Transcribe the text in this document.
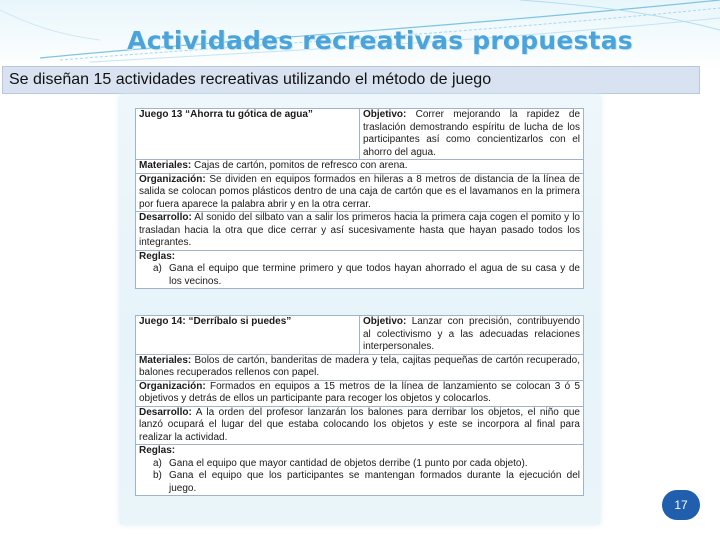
Actividades recreativas propuestas
Se diseñan 15 actividades recreativas utilizando el método de juego
Juego 13 “Ahorra tu gótica de agua”	Objetivo: Correr mejorando la rapidez de traslación demostrando espíritu de lucha de los participantes así como concientizarlos con el ahorro del agua.
Materiales: Cajas de cartón, pomitos de refresco con arena.
Organización: Se dividen en equipos formados en hileras a 8 metros de distancia de la línea de salida se colocan pomos plásticos dentro de una caja de cartón que es el lavamanos en la primera por fuera aparece la palabra abrir y en la otra cerrar.
Desarrollo: Al sonido del silbato van a salir los primeros hacia la primera caja cogen el pomito y lo trasladan hacia la otra que dice cerrar y así sucesivamente hasta que hayan pasado todos los integrantes.

Reglas:
a) Gana el equipo que termine primero y que todos hayan ahorrado el agua de su casa y de los vecinos.
Juego 14: “Derríbalo si puedes”	Objetivo: Lanzar con precisión, contribuyendo al colectivismo y a las adecuadas relaciones interpersonales.
Materiales: Bolos de cartón, banderitas de madera y tela, cajitas pequeñas de cartón recuperado, balones recuperados rellenos con papel.
Organización: Formados en equipos a 15 metros de la línea de lanzamiento se colocan 3 ó 5 objetivos y detrás de ellos un participante para recoger los objetos y colocarlos.
Desarrollo: A la orden del profesor lanzarán los balones para derribar los objetos, el niño que lanzó ocupará el lugar del que estaba colocando los objetos y este se incorpora al final para realizar la actividad.

Reglas:
a) Gana el equipo que mayor cantidad de objetos derribe (1 punto por cada objeto).
b) Gana el equipo que los participantes se mantengan formados durante la ejecución del juego.
17
